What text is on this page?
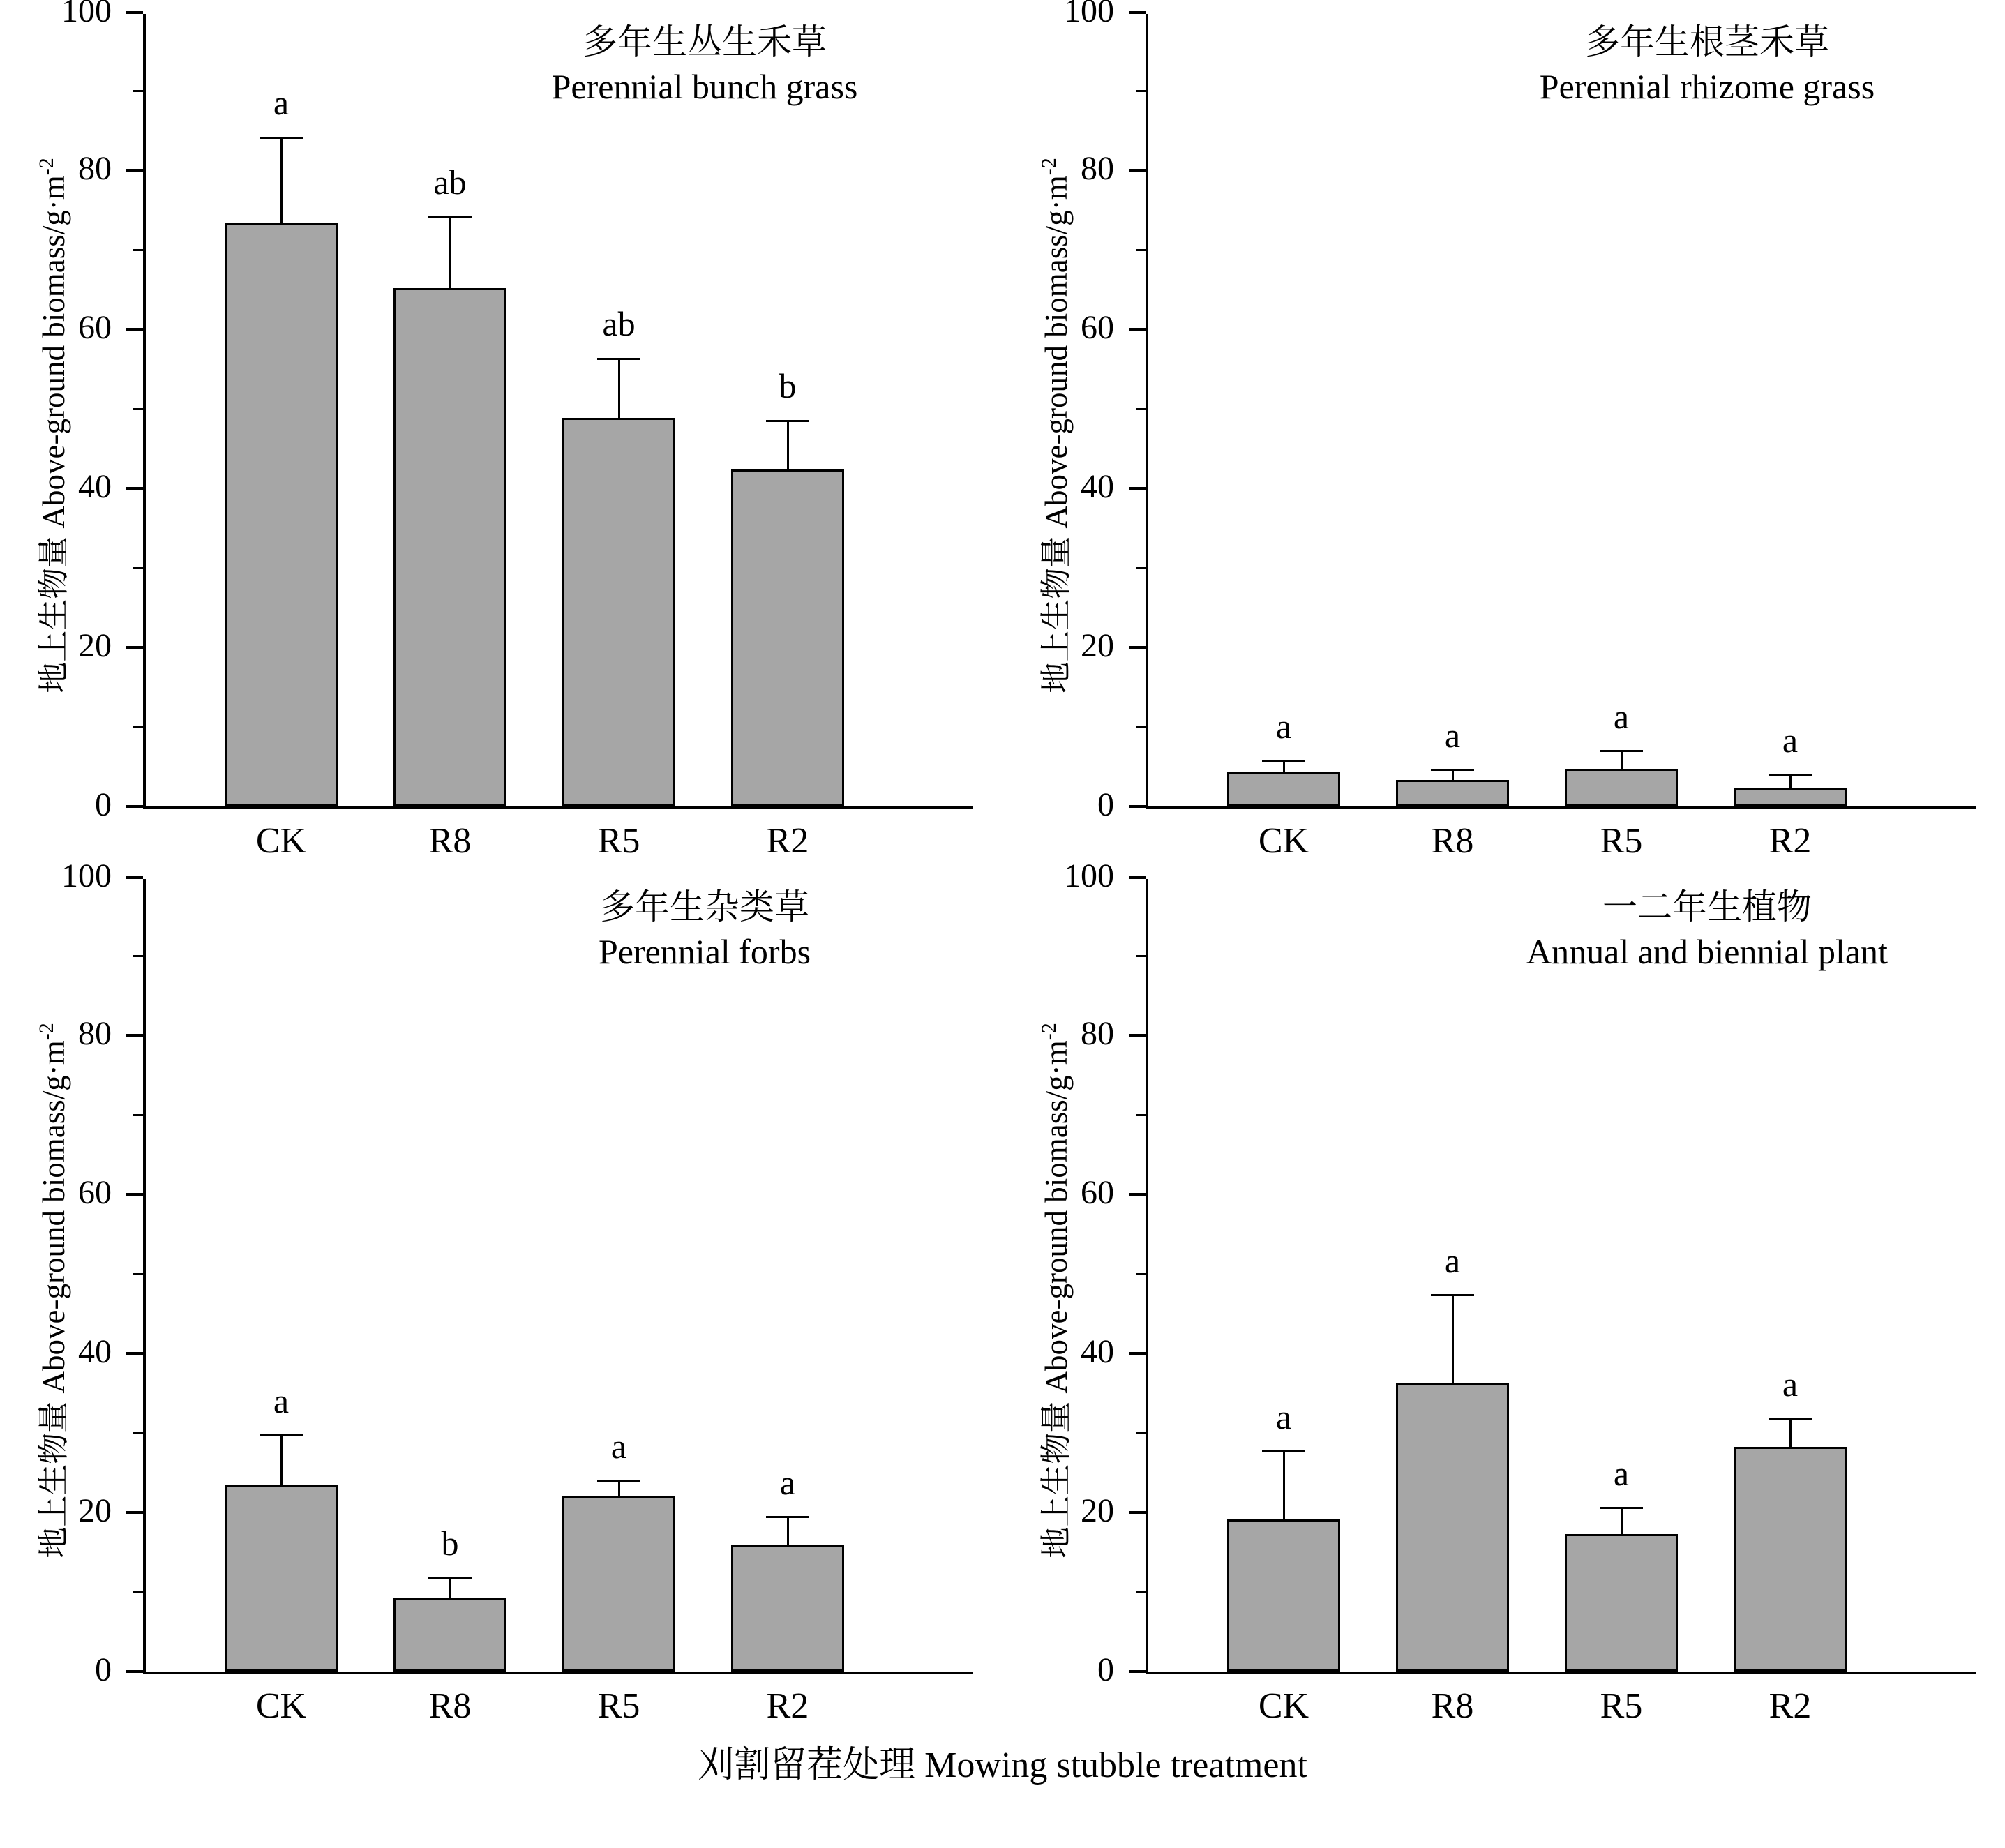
地上生物量 Above-ground biomass/$g\cdot m^{-2}$
0
20
40
60
80
100
a
ab
ab
b
CK	R8	R5	R2
多年生丛生禾草
Perennial bunch grass
地上生物量 Above-ground biomass/$g\cdot m^{-2}$
0
20
40
60
80
100
a	a	a
a
CK	R8	R5	R2
多年生根茎禾草
Perennial rhizome grass
地上生物量 Above-ground biomass/$g\cdot m^{-2}$
0
20
40
60
80
100
a
b
a
a
CK	R8	R5	R2
多年生杂类草
Perennial forbs
地上生物量 Above-ground biomass/$g\cdot m^{-2}$
0
20
40
60
80
100
a
a
a
a
CK	R8	R5	R2
一二年生植物
Annual and biennial plant
刈割留茬处理 Mowing stubble treatment
